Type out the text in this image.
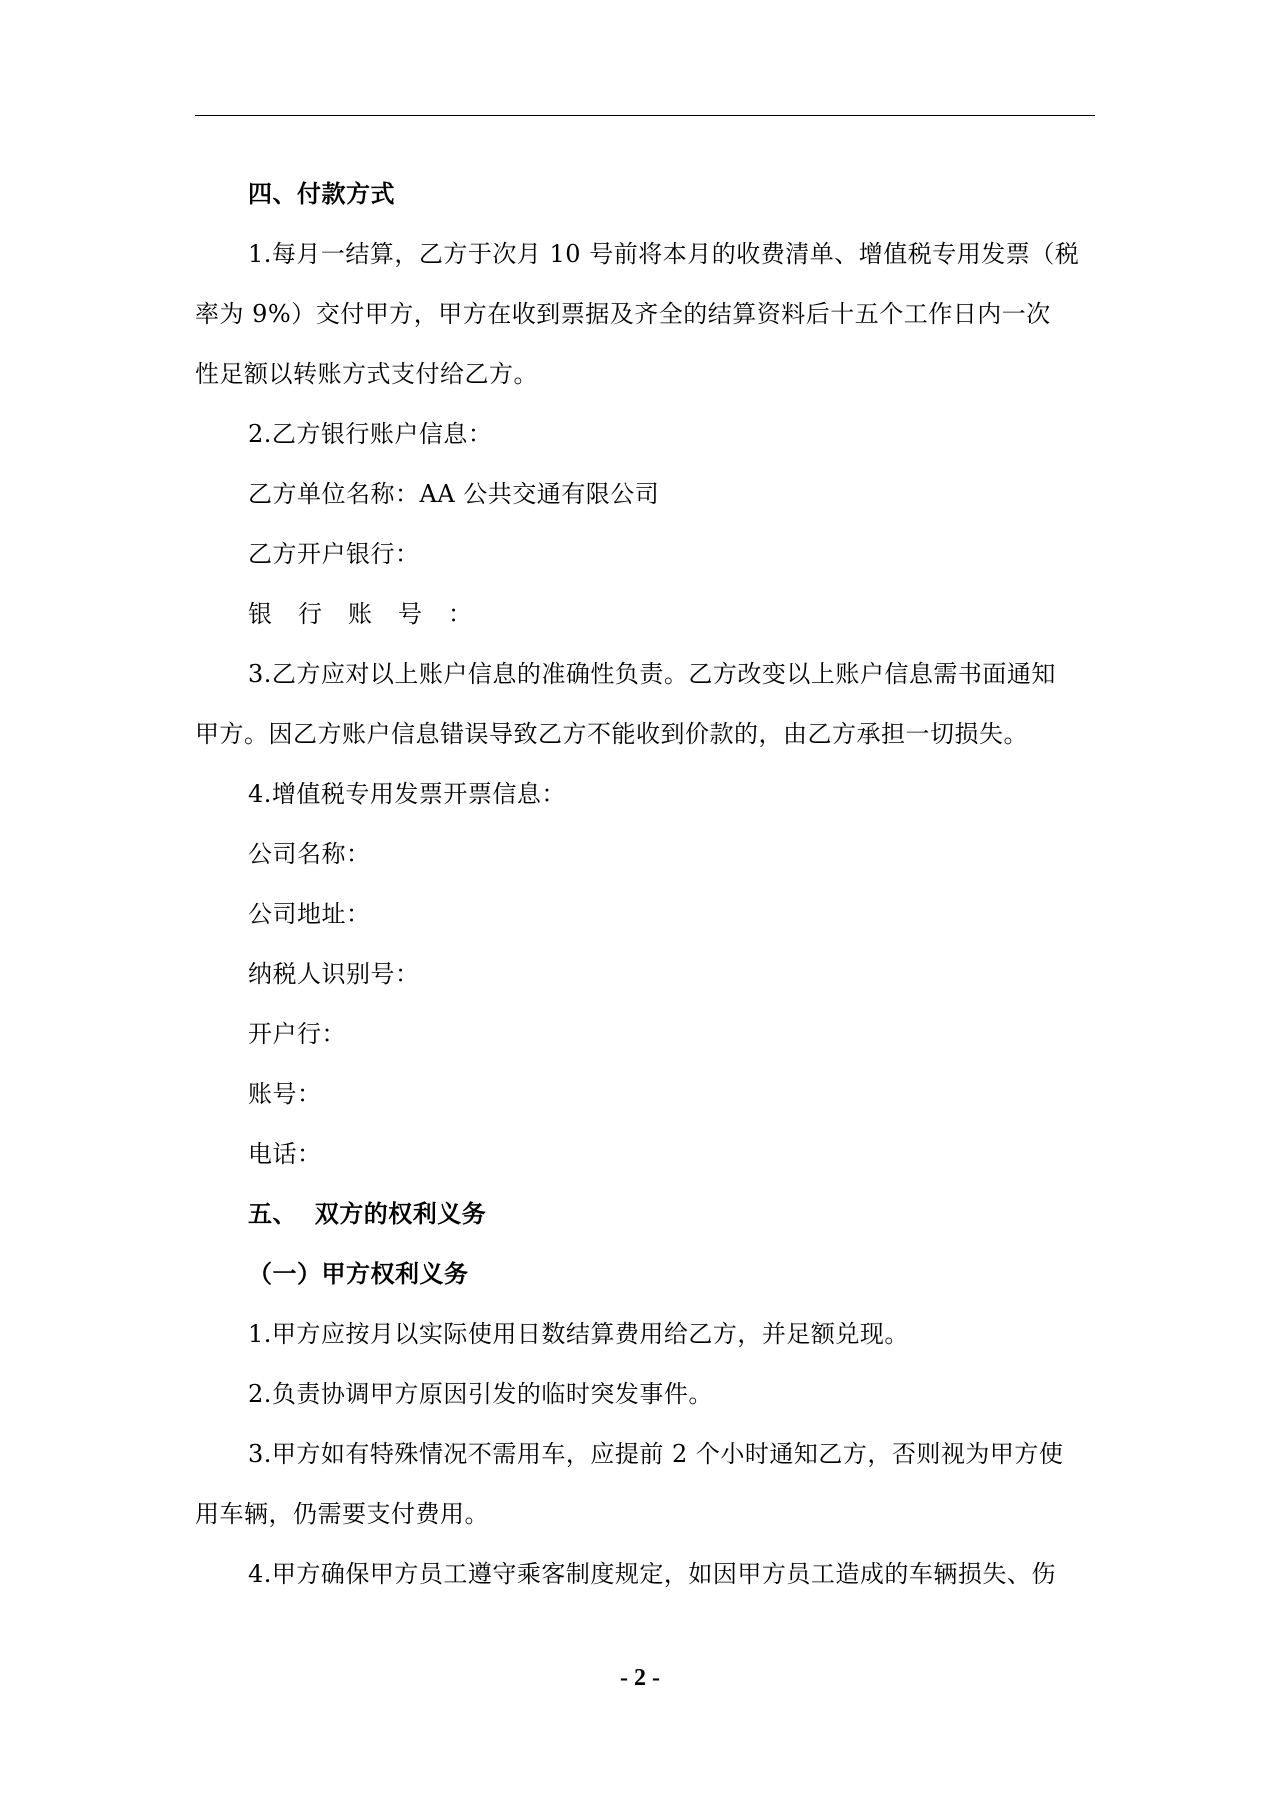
四、付款方式
1.每月一结算，乙方于次月 10 号前将本月的收费清单、增值税专用发票（税
率为 9%）交付甲方，甲方在收到票据及齐全的结算资料后十五个工作日内一次
性足额以转账方式支付给乙方。
2.乙方银行账户信息：
乙方单位名称：AA 公共交通有限公司
乙方开户银行：
银行账号：
3.乙方应对以上账户信息的准确性负责。乙方改变以上账户信息需书面通知
甲方。因乙方账户信息错误导致乙方不能收到价款的，由乙方承担一切损失。
4.增值税专用发票开票信息：
公司名称：
公司地址：
纳税人识别号：
开户行：
账号：
电话：
五、  双方的权利义务
（一）甲方权利义务
1.甲方应按月以实际使用日数结算费用给乙方，并足额兑现。
2.负责协调甲方原因引发的临时突发事件。
3.甲方如有特殊情况不需用车，应提前 2 个小时通知乙方，否则视为甲方使
用车辆，仍需要支付费用。
4.甲方确保甲方员工遵守乘客制度规定，如因甲方员工造成的车辆损失、伤
- 2 -
